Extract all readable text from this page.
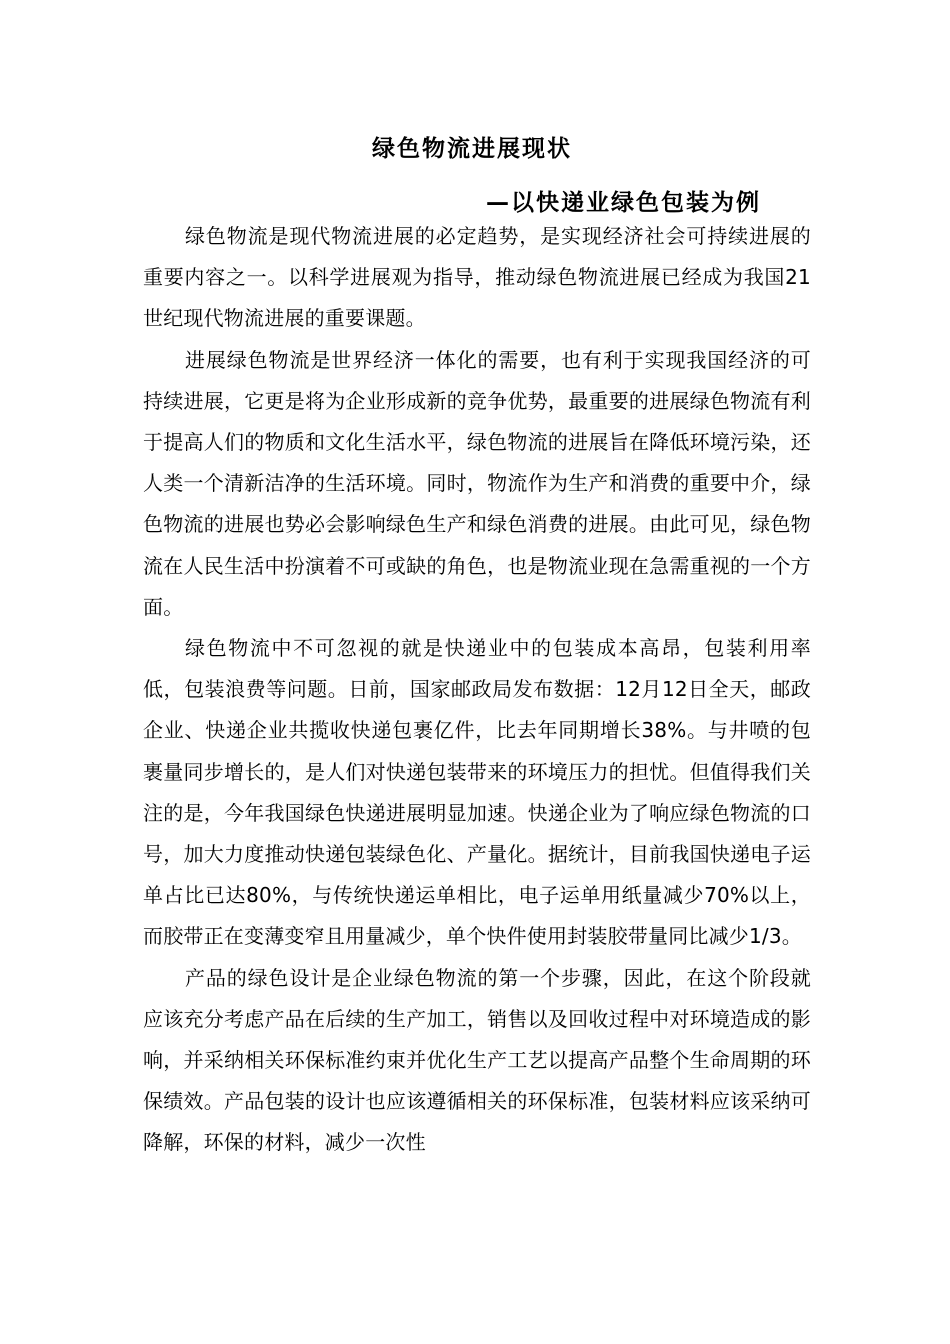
绿色物流进展现状
—以快递业绿色包装为例

绿色物流是现代物流进展的必定趋势，是实现经济社会可持续进展的重要内容之一。以科学进展观为指导，推动绿色物流进展已经成为我国21世纪现代物流进展的重要课题。

进展绿色物流是世界经济一体化的需要，也有利于实现我国经济的可持续进展，它更是将为企业形成新的竞争优势，最重要的进展绿色物流有利于提高人们的物质和文化生活水平，绿色物流的进展旨在降低环境污染，还人类一个清新洁净的生活环境。同时，物流作为生产和消费的重要中介，绿色物流的进展也势必会影响绿色生产和绿色消费的进展。由此可见，绿色物流在人民生活中扮演着不可或缺的角色，也是物流业现在急需重视的一个方面。

绿色物流中不可忽视的就是快递业中的包装成本高昂，包装利用率低，包装浪费等问题。日前，国家邮政局发布数据：12月12日全天，邮政企业、快递企业共揽收快递包裹亿件，比去年同期增长38%。与井喷的包裹量同步增长的，是人们对快递包装带来的环境压力的担忧。但值得我们关注的是，今年我国绿色快递进展明显加速。快递企业为了响应绿色物流的口号，加大力度推动快递包装绿色化、产量化。据统计，目前我国快递电子运单占比已达80%，与传统快递运单相比，电子运单用纸量减少70%以上，而胶带正在变薄变窄且用量减少，单个快件使用封装胶带量同比减少1/3。

产品的绿色设计是企业绿色物流的第一个步骤，因此，在这个阶段就应该充分考虑产品在后续的生产加工，销售以及回收过程中对环境造成的影响，并采纳相关环保标准约束并优化生产工艺以提高产品整个生命周期的环保绩效。产品包装的设计也应该遵循相关的环保标准，包装材料应该采纳可降解，环保的材料，减少一次性
